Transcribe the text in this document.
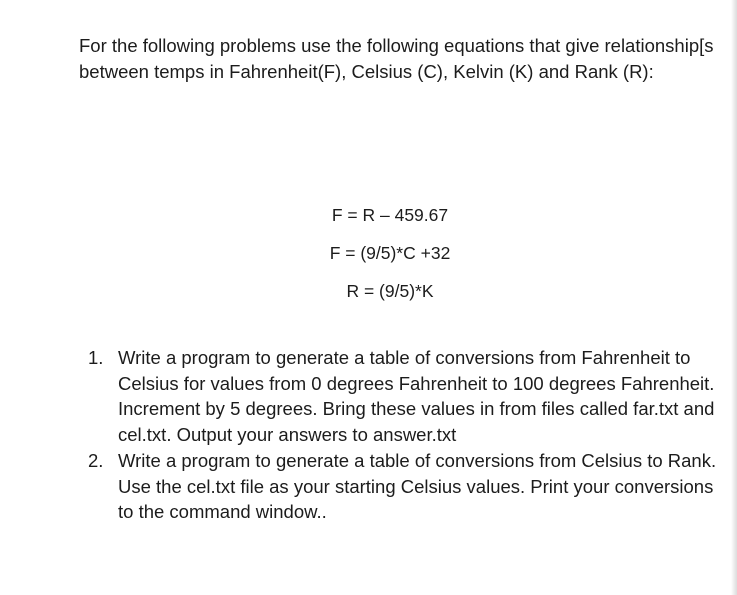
For the following problems use the following equations that give relationship[s between temps in Fahrenheit(F), Celsius (C), Kelvin (K) and Rank (R):

F = R – 459.67
F = (9/5)*C +32
R = (9/5)*K
1. Write a program to generate a table of conversions from Fahrenheit to Celsius for values from 0 degrees Fahrenheit to 100 degrees Fahrenheit. Increment by 5 degrees. Bring these values in from files called far.txt and cel.txt. Output your answers to answer.txt
2. Write a program to generate a table of conversions from Celsius to Rank. Use the cel.txt file as your starting Celsius values. Print your conversions to the command window..
